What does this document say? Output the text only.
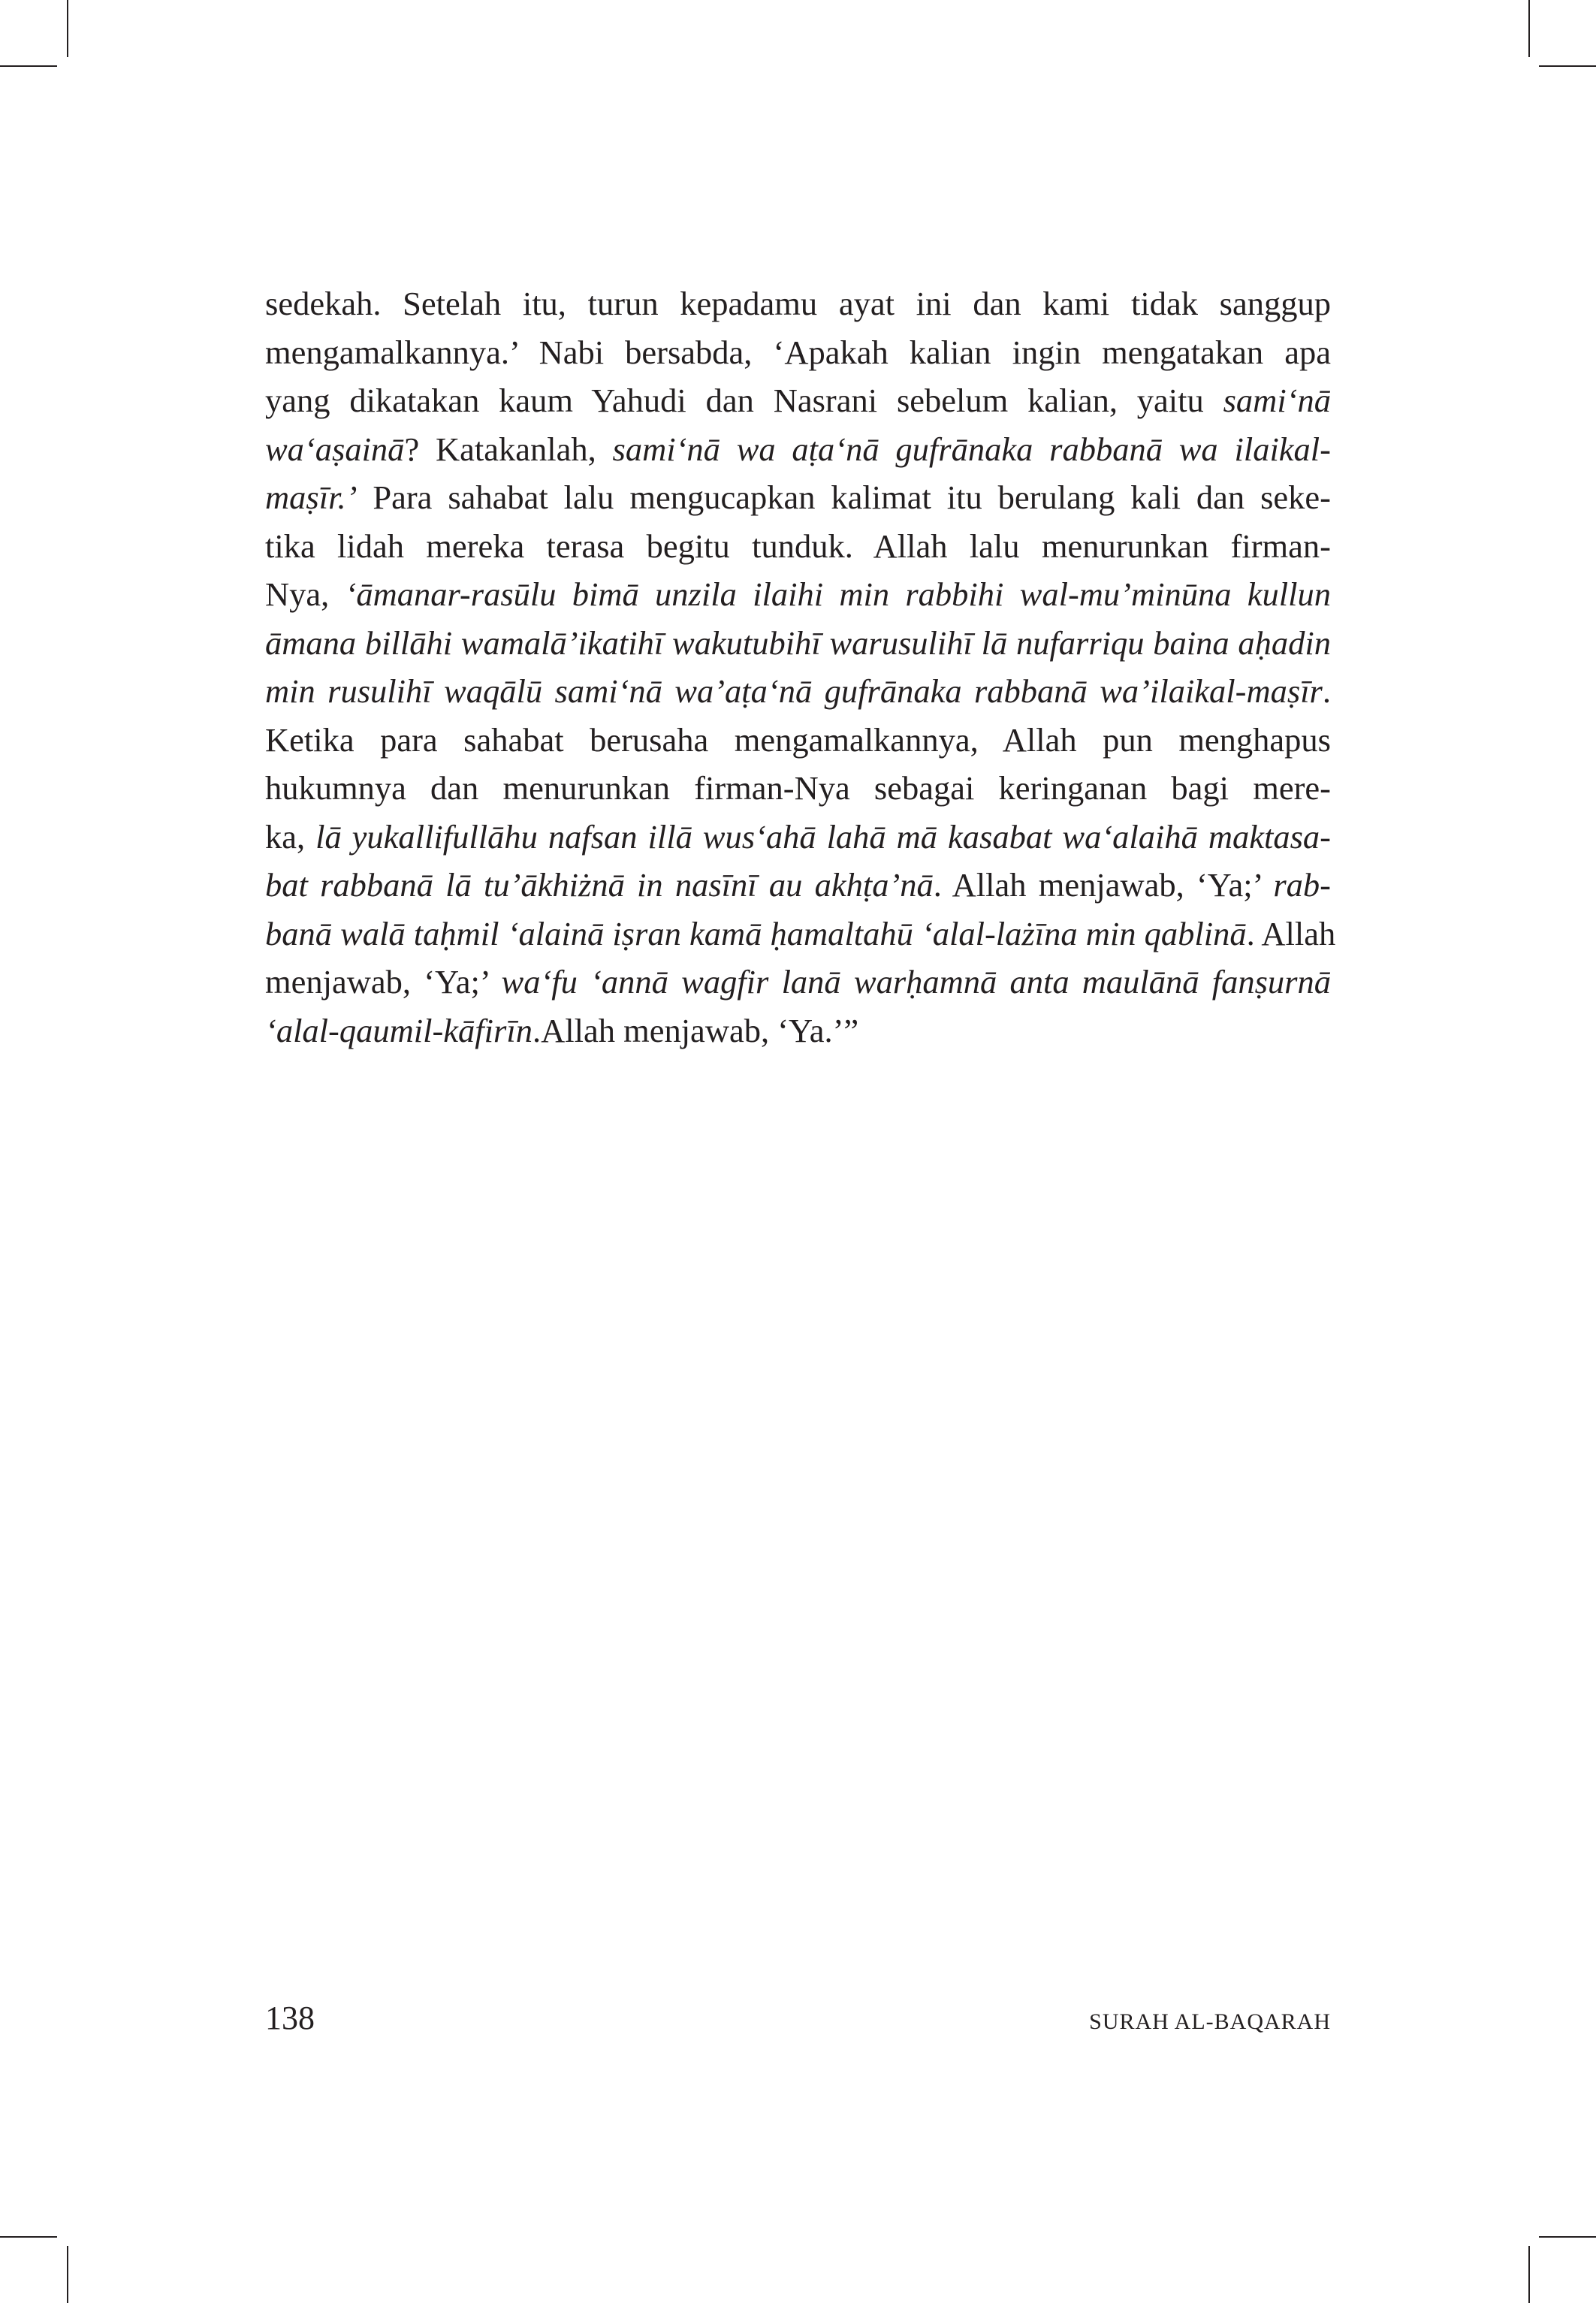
sedekah. Setelah itu, turun kepadamu ayat ini dan kami tidak sanggup
mengamalkannya.’ Nabi bersabda, ‘Apakah kalian ingin mengatakan apa
yang dikatakan kaum Yahudi dan Nasrani sebelum kalian, yaitu sami‘nā
wa‘aṣainā? Katakanlah, sami‘nā wa aṭa‘nā gufrānaka rabbanā wa ilaikal-
maṣīr.’ Para sahabat lalu mengucapkan kalimat itu berulang kali dan seke-
tika lidah mereka terasa begitu tunduk. Allah lalu menurunkan firman-
Nya, ‘āmanar-rasūlu bimā unzila ilaihi min rabbihi wal-mu’minūna kullun
āmana billāhi wamalā’ikatihī wakutubihī warusulihī lā nufarriqu baina aḥadin
min rusulihī waqālū sami‘nā wa’aṭa‘nā gufrānaka rabbanā wa’ilaikal-maṣīr.
Ketika para sahabat berusaha mengamalkannya, Allah pun menghapus
hukumnya dan menurunkan firman-Nya sebagai keringanan bagi mere-
ka, lā yukallifullāhu nafsan illā wus‘ahā lahā mā kasabat wa‘alaihā maktasa-
bat rabbanā lā tu’ākhiżnā in nasīnī au akhṭa’nā. Allah menjawab, ‘Ya;’ rab-
banā walā taḥmil ‘alainā iṣran kamā ḥamaltahū ‘alal-lażīna min qablinā. Allah
menjawab, ‘Ya;’ wa‘fu ‘annā wagfir lanā warḥamnā anta maulānā fanṣurnā
‘alal-qaumil-kāfirīn.Allah menjawab, ‘Ya.’”

138	SURAH AL-BAQARAH
